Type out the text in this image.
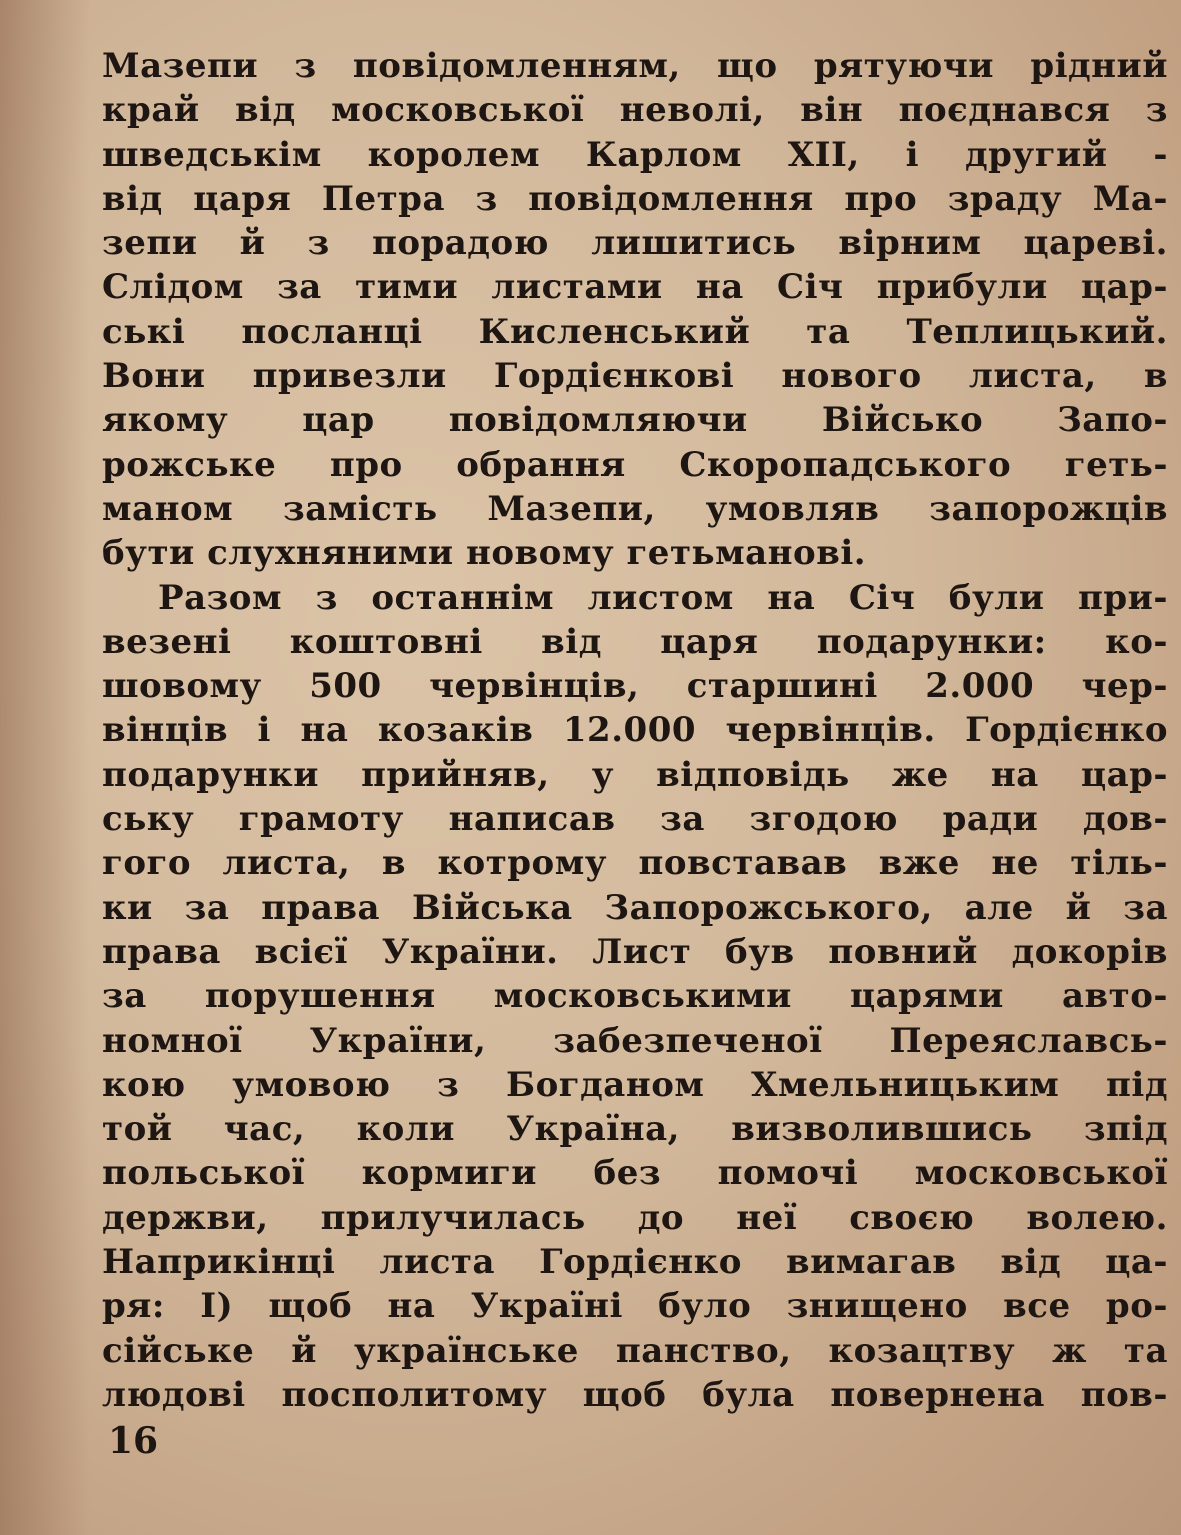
Мазепи з повідомленням, що рятуючи рідний
край від московської неволі, він поєднався з
шведськім королем Карлом XII, і другий -
від царя Петра з повідомлення про зраду Ма-
зепи й з порадою лишитись вірним цареві.
Слідом за тими листами на Січ прибули цар-
ські посланці Кисленський та Теплицький.
Вони привезли Гордієнкові нового листа, в
якому цар повідомляючи Військо Запо-
рожське про обрання Скоропадського геть-
маном замість Мазепи, умовляв запорожців
бути слухняними новому гетьманові.
Разом з останнім листом на Січ були при-
везені коштовні від царя подарунки: ко-
шовому 500 червінців, старшині 2.000 чер-
вінців і на козаків 12.000 червінців. Гордієнко
подарунки прийняв, у відповідь же на цар-
ську грамоту написав за згодою ради дов-
гого листа, в котрому повставав вже не тіль-
ки за права Війська Запорожського, але й за
права всієї України. Лист був повний докорів
за порушення московськими царями авто-
номної України, забезпеченої Переяславсь-
кою умовою з Богданом Хмельницьким під
той час, коли Україна, визволившись зпід
польської кормиги без помочі московської
держви, прилучилась до неї своєю волею.
Наприкінці листа Гордієнко вимагав від ца-
ря: І) щоб на Україні було знищено все ро-
сійське й українське панство, козацтву ж та
людові посполитому щоб була повернена пов-
16
